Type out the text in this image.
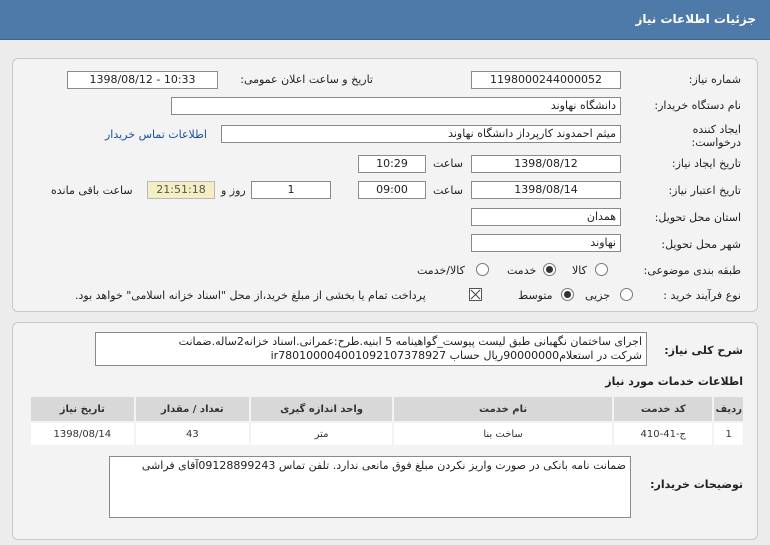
جزئیات اطلاعات نیاز
شماره نیاز:
1198000244000052
تاریخ و ساعت اعلان عمومی:
1398/08/12 - 10:33
نام دستگاه خریدار:
دانشگاه نهاوند
ایجاد کننده درخواست:
میثم احمدوند کارپرداز دانشگاه نهاوند
اطلاعات تماس خریدار
تاریخ ایجاد نیاز:
1398/08/12
ساعت
10:29
تاریخ اعتبار نیاز:
1398/08/14
ساعت
09:00
1
روز و
21:51:18
ساعت باقی مانده
استان محل تحویل:
همدان
شهر محل تحویل:
نهاوند
طبقه بندی موضوعی:
کالا
خدمت
کالا/خدمت
نوع فرآیند خرید :
جزیی
متوسط
پرداخت تمام یا بخشی از مبلغ خرید،از محل "اسناد خزانه اسلامی" خواهد بود.
شرح کلی نیاز:
اجرای ساختمان نگهبانی طبق لیست پیوست_گواهینامه 5 ابنیه.طرح:عمرانی.اسناد خزانه2ساله.ضمانت
شرکت در استعلام90000000ریال حساب ir780100004001092107378927
اطلاعات خدمات مورد نیاز
تاریخ نیاز	تعداد / مقدار	واحد اندازه گیری	نام خدمت	کد خدمت	ردیف
1398/08/14	43	متر	ساخت بنا	ج-41-410	1
توضیحات خریدار:
ضمانت نامه بانکی در صورت واریز نکردن مبلغ فوق مانعی ندارد. تلفن تماس 09128899243آقای فراشی
